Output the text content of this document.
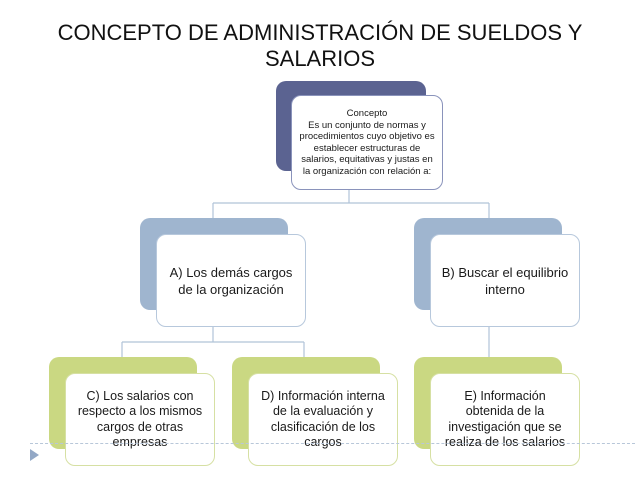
CONCEPTO DE ADMINISTRACIÓN DE SUELDOS Y SALARIOS
Concepto
Es un conjunto de normas y procedimientos cuyo objetivo es establecer estructuras de salarios, equitativas y justas en la organización con relación a:
A) Los demás cargos de la organización
B) Buscar el equilibrio interno
C) Los salarios con respecto a los mismos cargos de otras empresas
D) Información interna de la evaluación y clasificación de los cargos
E) Información obtenida de la investigación que se realiza de los salarios
